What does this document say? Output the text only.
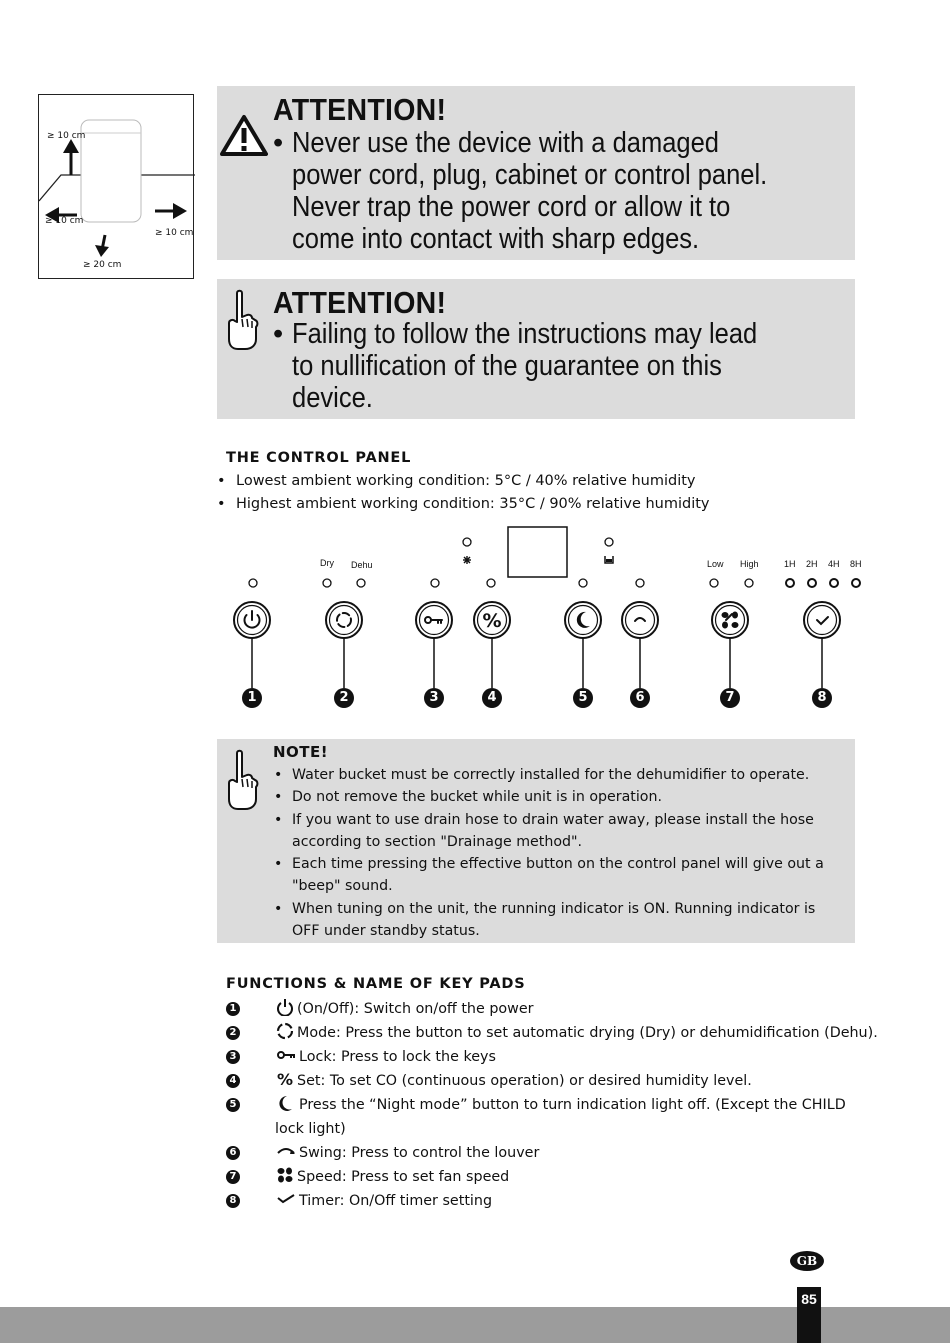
≥ 10 cm
≥ 10 cm
≥ 10 cm
≥ 20 cm
ATTENTION!
• Never use the device with a damaged
power cord, plug, cabinet or control panel.
Never trap the power cord or allow it to
come into contact with sharp edges.
ATTENTION!
• Failing to follow the instructions may lead
to nullification of the guarantee on this
device.
THE CONTROL PANEL
• Lowest ambient working condition: 5°C / 40% relative humidity
• Highest ambient working condition: 35°C / 90% relative humidity
%
1	2	3	4	5	6	7	8
Dry Dehu	Low High	1H 2H 4H 8H
NOTE!
• Water bucket must be correctly installed for the dehumidifier to operate.
• Do not remove the bucket while unit is in operation.
• If you want to use drain hose to drain water away, please install the hose according to section "Drainage method".
• Each time pressing the effective button on the control panel will give out a "beep" sound.
• When tuning on the unit, the running indicator is ON. Running indicator is OFF under standby status.
FUNCTIONS & NAME OF KEY PADS
1	(On/Off): Switch on/off the power
2	Mode: Press the button to set automatic drying (Dry) or dehumidification (Dehu).
3	Lock: Press to lock the keys
4	% Set: To set CO (continuous operation) or desired humidity level.
5	Press the “Night mode” button to turn indication light off. (Except the CHILD
lock light)
6	Swing: Press to control the louver
7	Speed: Press to set fan speed
8	Timer: On/Off timer setting
GB
85
